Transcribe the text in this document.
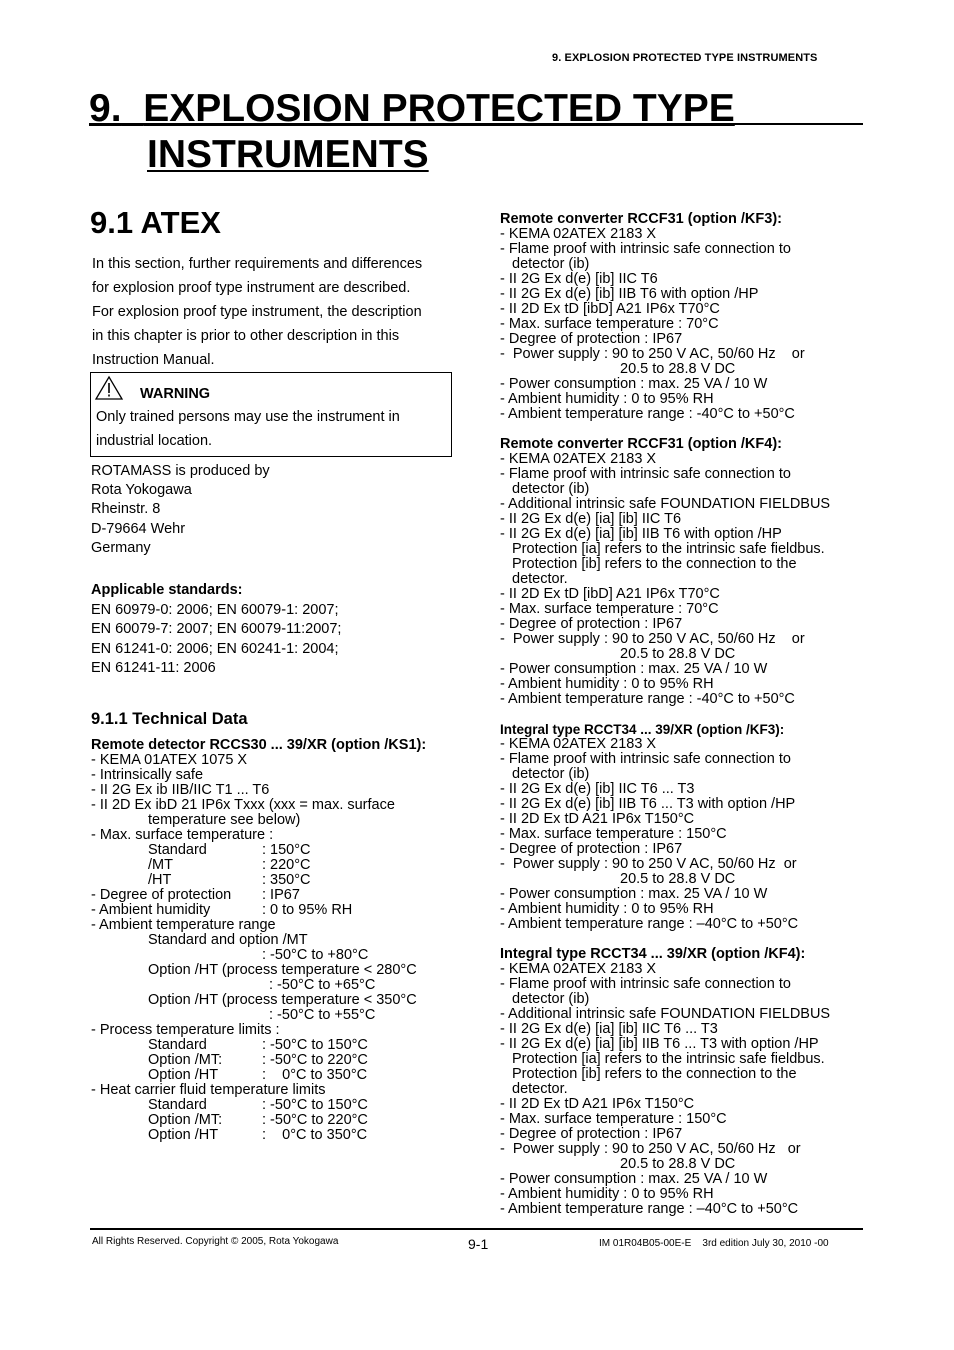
9. EXPLOSION PROTECTED TYPE INSTRUMENTS
9. EXPLOSION PROTECTED TYPE
INSTRUMENTS
9.1 ATEX

In this section, further requirements and differences

for explosion proof type instrument are described.

For explosion proof type instrument, the description

in this chapter is prior to other description in this

Instruction Manual.

WARNING
Only trained persons may use the instrument in
industrial location.
ROTAMASS is produced by
Rota Yokogawa
Rheinstr. 8
D-79664 Wehr
Germany
Applicable standards:
EN 60979-0: 2006; EN 60079-1: 2007;
EN 60079-7: 2007; EN 60079-11:2007;
EN 61241-0: 2006; EN 60241-1: 2004;
EN 61241-11: 2006
9.1.1 Technical Data
Remote detector RCCS30 ... 39/XR (option /KS1):
- KEMA 01ATEX 1075 X
- Intrinsically safe
- II 2G Ex ib IIB/IIC T1 ... T6
- II 2D Ex ibD 21 IP6x Txxx (xxx = max. surface
temperature see below)
- Max. surface temperature :
Standard	: 150°C
/MT	: 220°C
/HT	: 350°C
- Degree of protection : IP67
- Ambient humidity	: 0 to 95% RH
- Ambient temperature range
Standard and option /MT
: -50°C to +80°C
Option /HT (process temperature < 280°C
: -50°C to +65°C
Option /HT (process temperature < 350°C
: -50°C to +55°C
- Process temperature limits :
Standard	: -50°C to 150°C
Option /MT:	: -50°C to 220°C
Option /HT	:    0°C to 350°C
- Heat carrier fluid temperature limits
Standard	: -50°C to 150°C
Option /MT:	: -50°C to 220°C
Option /HT	:    0°C to 350°C
Remote converter RCCF31 (option /KF3):
- KEMA 02ATEX 2183 X
- Flame proof with intrinsic safe connection to
detector (ib)
- II 2G Ex d(e) [ib] IIC T6
- II 2G Ex d(e) [ib] IIB T6 with option /HP
- II 2D Ex tD [ibD] A21 IP6x T70°C
- Max. surface temperature : 70°C
- Degree of protection : IP67
-  Power supply : 90 to 250 V AC, 50/60 Hz    or
20.5 to 28.8 V DC
- Power consumption : max. 25 VA / 10 W
- Ambient humidity : 0 to 95% RH
- Ambient temperature range : -40°C to +50°C
Remote converter RCCF31 (option /KF4):
- KEMA 02ATEX 2183 X
- Flame proof with intrinsic safe connection to
detector (ib)
- Additional intrinsic safe FOUNDATION FIELDBUS
- II 2G Ex d(e) [ia] [ib] IIC T6
- II 2G Ex d(e) [ia] [ib] IIB T6 with option /HP
Protection [ia] refers to the intrinsic safe fieldbus.
Protection [ib] refers to the connection to the
detector.
- II 2D Ex tD [ibD] A21 IP6x T70°C
- Max. surface temperature : 70°C
- Degree of protection : IP67
-  Power supply : 90 to 250 V AC, 50/60 Hz    or
20.5 to 28.8 V DC
- Power consumption : max. 25 VA / 10 W
- Ambient humidity : 0 to 95% RH
- Ambient temperature range : -40°C to +50°C
Integral type RCCT34 ... 39/XR (option /KF3):
- KEMA 02ATEX 2183 X
- Flame proof with intrinsic safe connection to
detector (ib)
- II 2G Ex d(e) [ib] IIC T6 ... T3
- II 2G Ex d(e) [ib] IIB T6 ... T3 with option /HP
- II 2D Ex tD A21 IP6x T150°C
- Max. surface temperature : 150°C
- Degree of protection : IP67
-  Power supply : 90 to 250 V AC, 50/60 Hz  or
20.5 to 28.8 V DC
- Power consumption : max. 25 VA / 10 W
- Ambient humidity : 0 to 95% RH
- Ambient temperature range : –40°C to +50°C
Integral type RCCT34 ... 39/XR (option /KF4):
- KEMA 02ATEX 2183 X
- Flame proof with intrinsic safe connection to
detector (ib)
- Additional intrinsic safe FOUNDATION FIELDBUS
- II 2G Ex d(e) [ia] [ib] IIC T6 ... T3
- II 2G Ex d(e) [ia] [ib] IIB T6 ... T3 with option /HP
Protection [ia] refers to the intrinsic safe fieldbus.
Protection [ib] refers to the connection to the
detector.
- II 2D Ex tD A21 IP6x T150°C
- Max. surface temperature : 150°C
- Degree of protection : IP67
-  Power supply : 90 to 250 V AC, 50/60 Hz   or
20.5 to 28.8 V DC
- Power consumption : max. 25 VA / 10 W
- Ambient humidity : 0 to 95% RH
- Ambient temperature range : –40°C to +50°C
All Rights Reserved. Copyright © 2005, Rota Yokogawa	9-1	IM 01R04B05-00E-E    3rd edition July 30, 2010 -00
